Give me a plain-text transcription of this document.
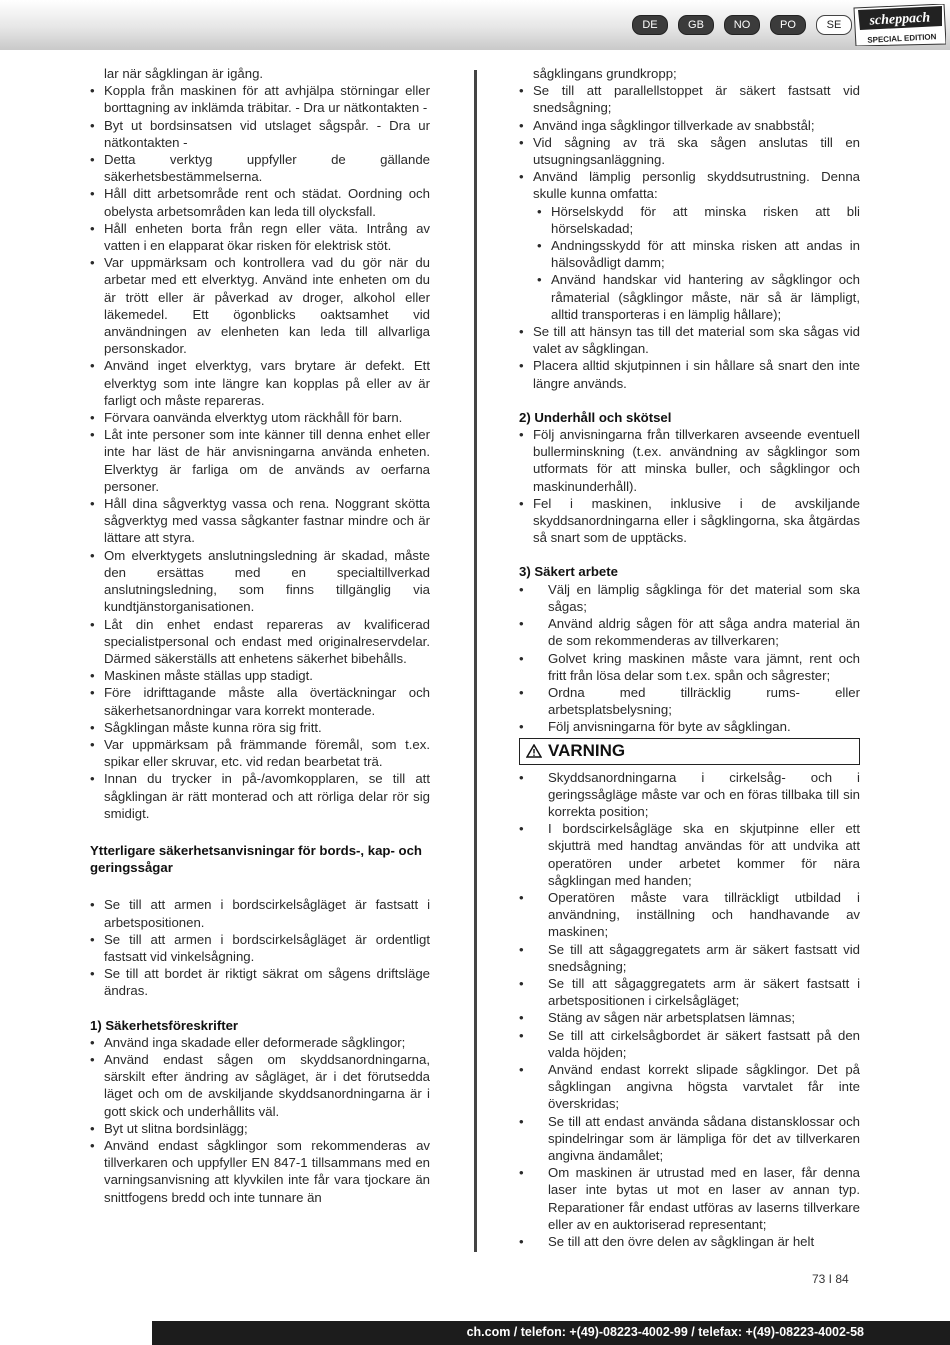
DE	GB	NO	PO	SE	scheppach
SPECIAL EDITION

lar när sågklingan är igång.

• Koppla från maskinen för att avhjälpa störningar eller borttagning av inklämda träbitar. - Dra ur nätkontakten -
• Byt ut bordsinsatsen vid utslaget sågspår. - Dra ur nätkontakten -
• Detta verktyg uppfyller de gällande säkerhetsbestämmelserna.
• Håll ditt arbetsområde rent och städat. Oordning och obelysta arbetsområden kan leda till olycksfall.
• Håll enheten borta från regn eller väta. Intrång av vatten i en elapparat ökar risken för elektrisk stöt.
• Var uppmärksam och kontrollera vad du gör när du arbetar med ett elverktyg. Använd inte enheten om du är trött eller är påverkad av droger, alkohol eller läkemedel. Ett ögonblicks oaktsamhet vid användningen av elenheten kan leda till allvarliga personskador.
• Använd inget elverktyg, vars brytare är defekt. Ett elverktyg som inte längre kan kopplas på eller av är farligt och måste repareras.
• Förvara oanvända elverktyg utom räckhåll för barn.
• Låt inte personer som inte känner till denna enhet eller inte har läst de här anvisningarna använda enheten. Elverktyg är farliga om de används av oerfarna personer.
• Håll dina sågverktyg vassa och rena. Noggrant skötta sågverktyg med vassa sågkanter fastnar mindre och är lättare att styra.
• Om elverktygets anslutningsledning är skadad, måste den ersättas med en specialtillverkad anslutningsledning, som finns tillgänglig via kundtjänstorganisationen.
• Låt din enhet endast repareras av kvalificerad specialistpersonal och endast med originalreservdelar. Därmed säkerställs att enhetens säkerhet bibehålls.
• Maskinen måste ställas upp stadigt.
• Före idrifttagande måste alla övertäckningar och säkerhetsanordningar vara korrekt monterade.
• Sågklingan måste kunna röra sig fritt.
• Var uppmärksam på främmande föremål, som t.ex. spikar eller skruvar, etc. vid redan bearbetat trä.
• Innan du trycker in på-/avomkopplaren, se till att sågklingan är rätt monterad och att rörliga delar rör sig smidigt.
Ytterligare säkerhetsanvisningar för bords-, kap- och geringssågar
• Se till att armen i bordscirkelsågläget är fastsatt i arbetspositionen.
• Se till att armen i bordscirkelsågläget är ordentligt fastsatt vid vinkelsågning.
• Se till att bordet är riktigt säkrat om sågens driftsläge ändras.
1) Säkerhetsföreskrifter
• Använd inga skadade eller deformerade sågklingor;
• Använd endast sågen om skyddsanordningarna, särskilt efter ändring av sågläget, är i det förutsedda läget och om de avskiljande skyddsanordningarna är i gott skick och underhållits väl.
• Byt ut slitna bordsinlägg;
• Använd endast sågklingor som rekommenderas av tillverkaren och uppfyller EN 847-1 tillsammans med en varningsanvisning att klyvkilen inte får vara tjockare än snittfogens bredd och inte tunnare än

sågklingans grundkropp;

• Se till att parallellstoppet är säkert fastsatt vid snedsågning;
• Använd inga sågklingor tillverkade av snabbstål;
• Vid sågning av trä ska sågen anslutas till en utsugningsanläggning.
• Använd lämplig personlig skyddsutrustning. Denna skulle kunna omfatta:
• Hörselskydd för att minska risken att bli hörselskadad;
• Andningsskydd för att minska risken att andas in hälsovådligt damm;
• Använd handskar vid hantering av sågklingor och råmaterial (sågklingor måste, när så är lämpligt, alltid transporteras i en lämplig hållare);
• Se till att hänsyn tas till det material som ska sågas vid valet av sågklingan.
• Placera alltid skjutpinnen i sin hållare så snart den inte längre används.
2) Underhåll och skötsel
• Följ anvisningarna från tillverkaren avseende eventuell bullerminskning (t.ex. användning av sågklingor som utformats för att minska buller, och sågklingor och maskinunderhåll).
• Fel i maskinen, inklusive i de avskiljande skyddsanordningarna eller i sågklingorna, ska åtgärdas så snart som de upptäcks.
3) Säkert arbete
• Välj en lämplig sågklinga för det material som ska sågas;
• Använd aldrig sågen för att såga andra material än de som rekommenderas av tillverkaren;
• Golvet kring maskinen måste vara jämnt, rent och fritt från lösa delar som t.ex. spån och sågrester;
• Ordna med tillräcklig rums- eller arbetsplatsbelysning;
• Följ anvisningarna för byte av sågklingan.
VARNING
• Skyddsanordningarna i cirkelsåg- och i geringssågläge måste var och en föras tillbaka till sin korrekta position;
• I bordscirkelsågläge ska en skjutpinne eller ett skjutträ med handtag användas för att undvika att operatören under arbetet kommer för nära sågklingan med handen;
• Operatören måste vara tillräckligt utbildad i användning, inställning och handhavande av maskinen;
• Se till att sågaggregatets arm är säkert fastsatt vid snedsågning;
• Se till att sågaggregatets arm är säkert fastsatt i arbetspositionen i cirkelsågläget;
• Stäng av sågen när arbetsplatsen lämnas;
• Se till att cirkelsågbordet är säkert fastsatt på den valda höjden;
• Använd endast korrekt slipade sågklingor. Det på sågklingan angivna högsta varvtalet får inte överskridas;
• Se till att endast använda sådana distansklossar och spindelringar som är lämpliga för det av tillverkaren angivna ändamålet;
• Om maskinen är utrustad med en laser, får denna laser inte bytas ut mot en laser av annan typ. Reparationer får endast utföras av laserns tillverkare eller av en auktoriserad representant;
• Se till att den övre delen av sågklingan är helt
73 I 84
ch.com / telefon: +(49)-08223-4002-99 / telefax: +(49)-08223-4002-58
